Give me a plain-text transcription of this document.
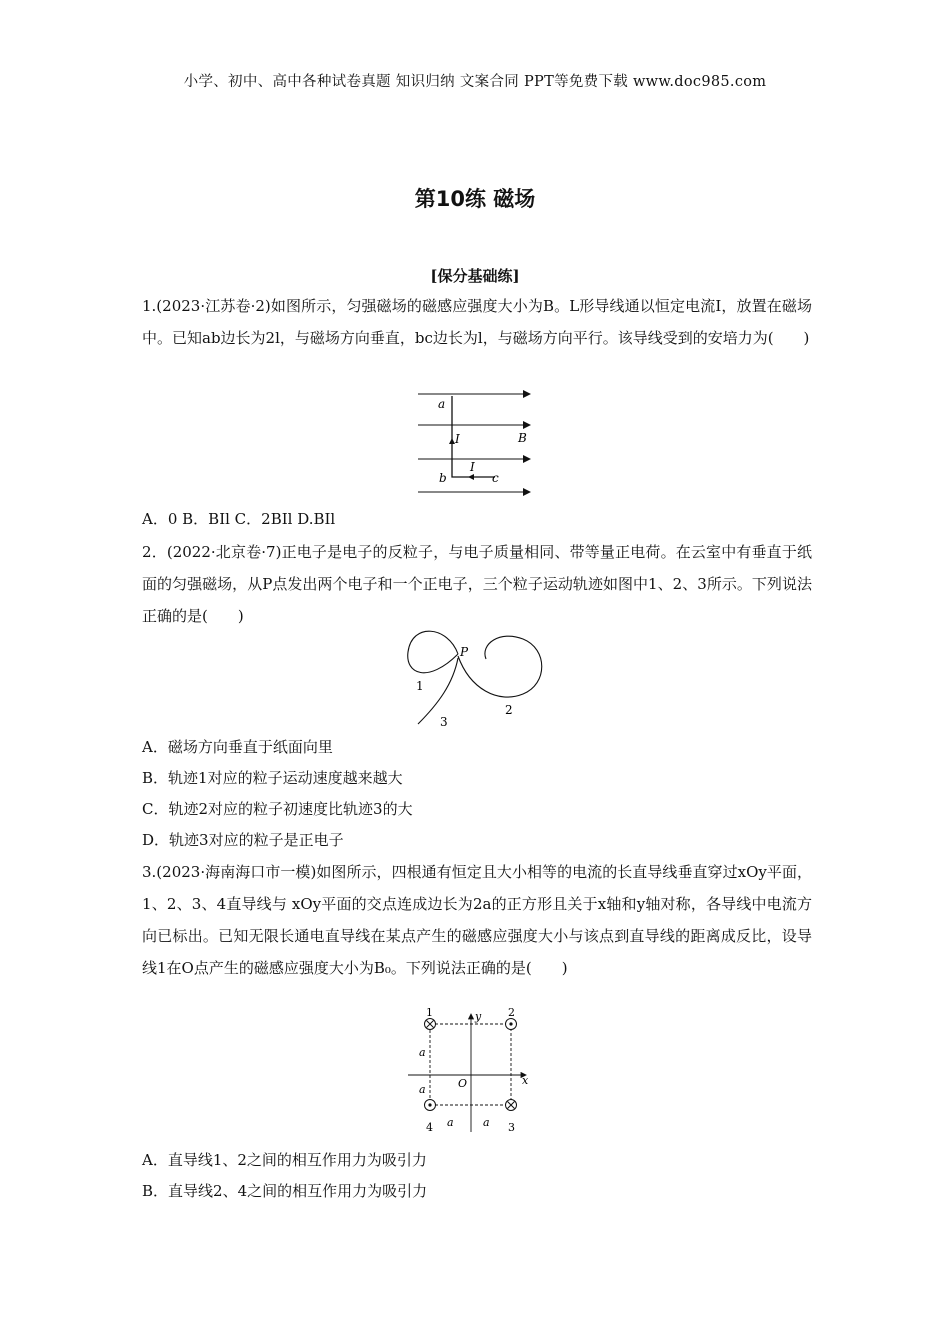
小学、初中、高中各种试卷真题 知识归纳 文案合同 PPT等免费下载 www.doc985.com
第10练 磁场
[保分基础练]
1.(2023·江苏卷·2)如图所示，匀强磁场的磁感应强度大小为B。L形导线通以恒定电流I，放置在磁场中。已知ab边长为2l，与磁场方向垂直，bc边长为l，与磁场方向平行。该导线受到的安培力为(　　)
a
I	B
I
b	c
A．0 B．BIl C．2BIl D.BIl
2．(2022·北京卷·7)正电子是电子的反粒子，与电子质量相同、带等量正电荷。在云室中有垂直于纸面的匀强磁场，从P点发出两个电子和一个正电子，三个粒子运动轨迹如图中1、2、3所示。下列说法正确的是(　　)
P
1
2
3
A．磁场方向垂直于纸面向里
B．轨迹1对应的粒子运动速度越来越大
C．轨迹2对应的粒子初速度比轨迹3的大
D．轨迹3对应的粒子是正电子
3.(2023·海南海口市一模)如图所示，四根通有恒定且大小相等的电流的长直导线垂直穿过xOy平面，1、2、3、4直导线与 xOy平面的交点连成边长为2a的正方形且关于x轴和y轴对称，各导线中电流方向已标出。已知无限长通电直导线在某点产生的磁感应强度大小与该点到直导线的距离成反比，设导线1在O点产生的磁感应强度大小为B₀。下列说法正确的是(　　)
1	2
3
4
y
x
O
a
a
a	a
A．直导线1、2之间的相互作用力为吸引力
B．直导线2、4之间的相互作用力为吸引力
